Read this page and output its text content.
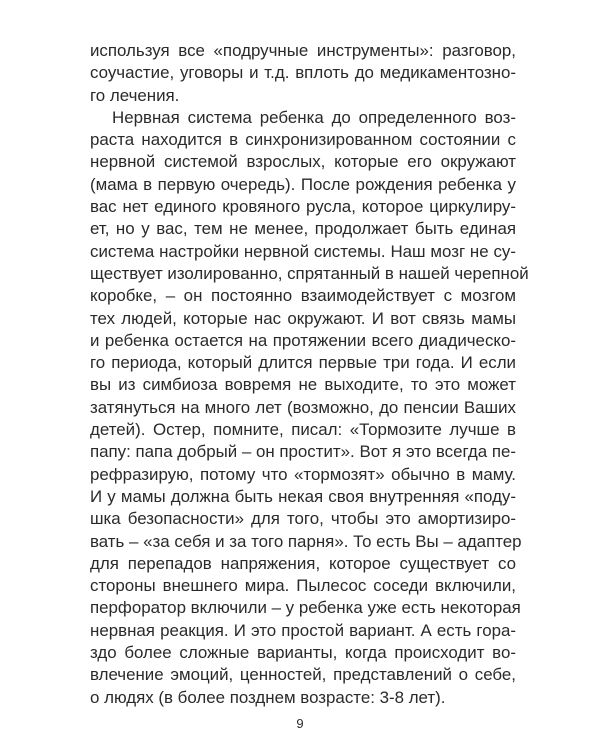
используя все «подручные инструменты»: разговор,
соучастие, уговоры и т.д. вплоть до медикаментозно-
го лечения.
Нервная система ребенка до определенного воз-
раста находится в синхронизированном состоянии с
нервной системой взрослых, которые его окружают
(мама в первую очередь). После рождения ребенка у
вас нет единого кровяного русла, которое циркулиру-
ет, но у вас, тем не менее, продолжает быть единая
система настройки нервной системы. Наш мозг не су-
ществует изолированно, спрятанный в нашей черепной
коробке, – он постоянно взаимодействует с мозгом
тех людей, которые нас окружают. И вот связь мамы
и ребенка остается на протяжении всего диадическо-
го периода, который длится первые три года. И если
вы из симбиоза вовремя не выходите, то это может
затянуться на много лет (возможно, до пенсии Ваших
детей). Остер, помните, писал: «Тормозите лучше в
папу: папа добрый – он простит». Вот я это всегда пе-
рефразирую, потому что «тормозят» обычно в маму.
И у мамы должна быть некая своя внутренняя «поду-
шка безопасности» для того, чтобы это амортизиро-
вать – «за себя и за того парня». То есть Вы – адаптер
для перепадов напряжения, которое существует со
стороны внешнего мира. Пылесос соседи включили,
перфоратор включили – у ребенка уже есть некоторая
нервная реакция. И это простой вариант. А есть гора-
здо более сложные варианты, когда происходит во-
влечение эмоций, ценностей, представлений о себе,
о людях (в более позднем возрасте: 3-8 лет).
9
